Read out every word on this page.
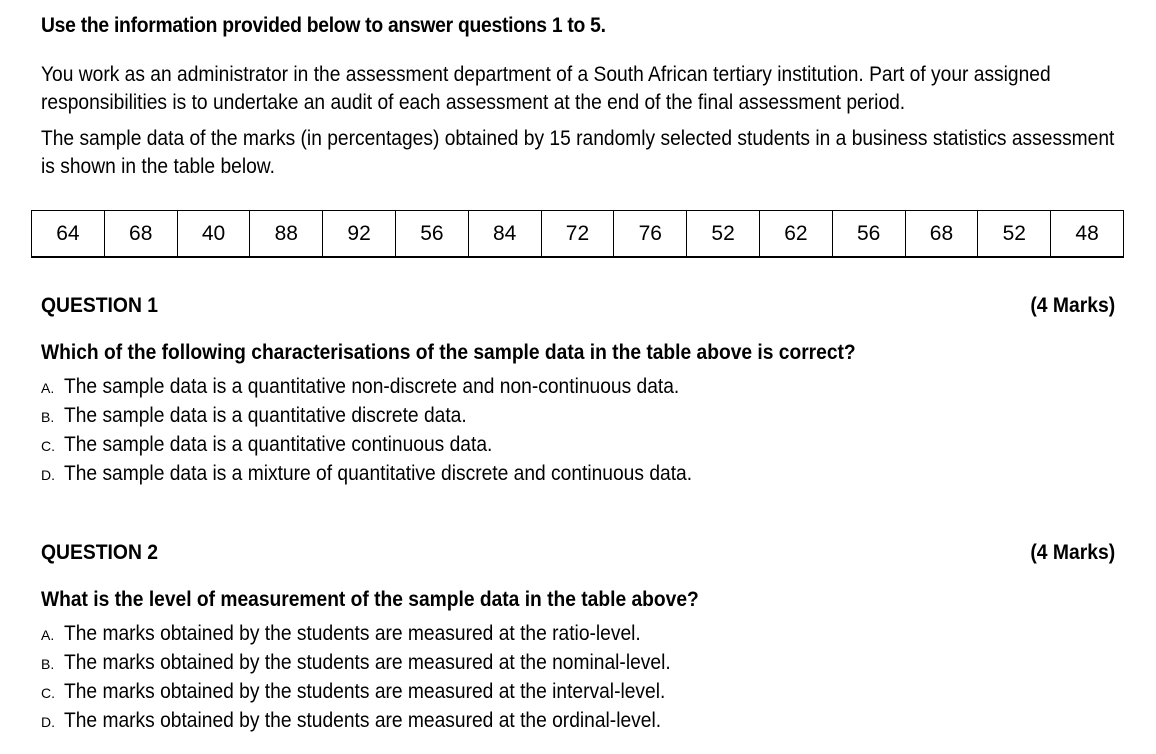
Use the information provided below to answer questions 1 to 5.
You work as an administrator in the assessment department of a South African tertiary institution. Part of your assigned responsibilities is to undertake an audit of each assessment at the end of the final assessment period.
The sample data of the marks (in percentages) obtained by 15 randomly selected students in a business statistics assessment is shown in the table below.
64	68	40	88	92	56	84	72	76	52	62	56	68	52	48
QUESTION 1	(4 Marks)
Which of the following characterisations of the sample data in the table above is correct?
A. The sample data is a quantitative non-discrete and non-continuous data.
B. The sample data is a quantitative discrete data.
C. The sample data is a quantitative continuous data.
D. The sample data is a mixture of quantitative discrete and continuous data.
QUESTION 2	(4 Marks)
What is the level of measurement of the sample data in the table above?
A. The marks obtained by the students are measured at the ratio-level.
B. The marks obtained by the students are measured at the nominal-level.
C. The marks obtained by the students are measured at the interval-level.
D. The marks obtained by the students are measured at the ordinal-level.
